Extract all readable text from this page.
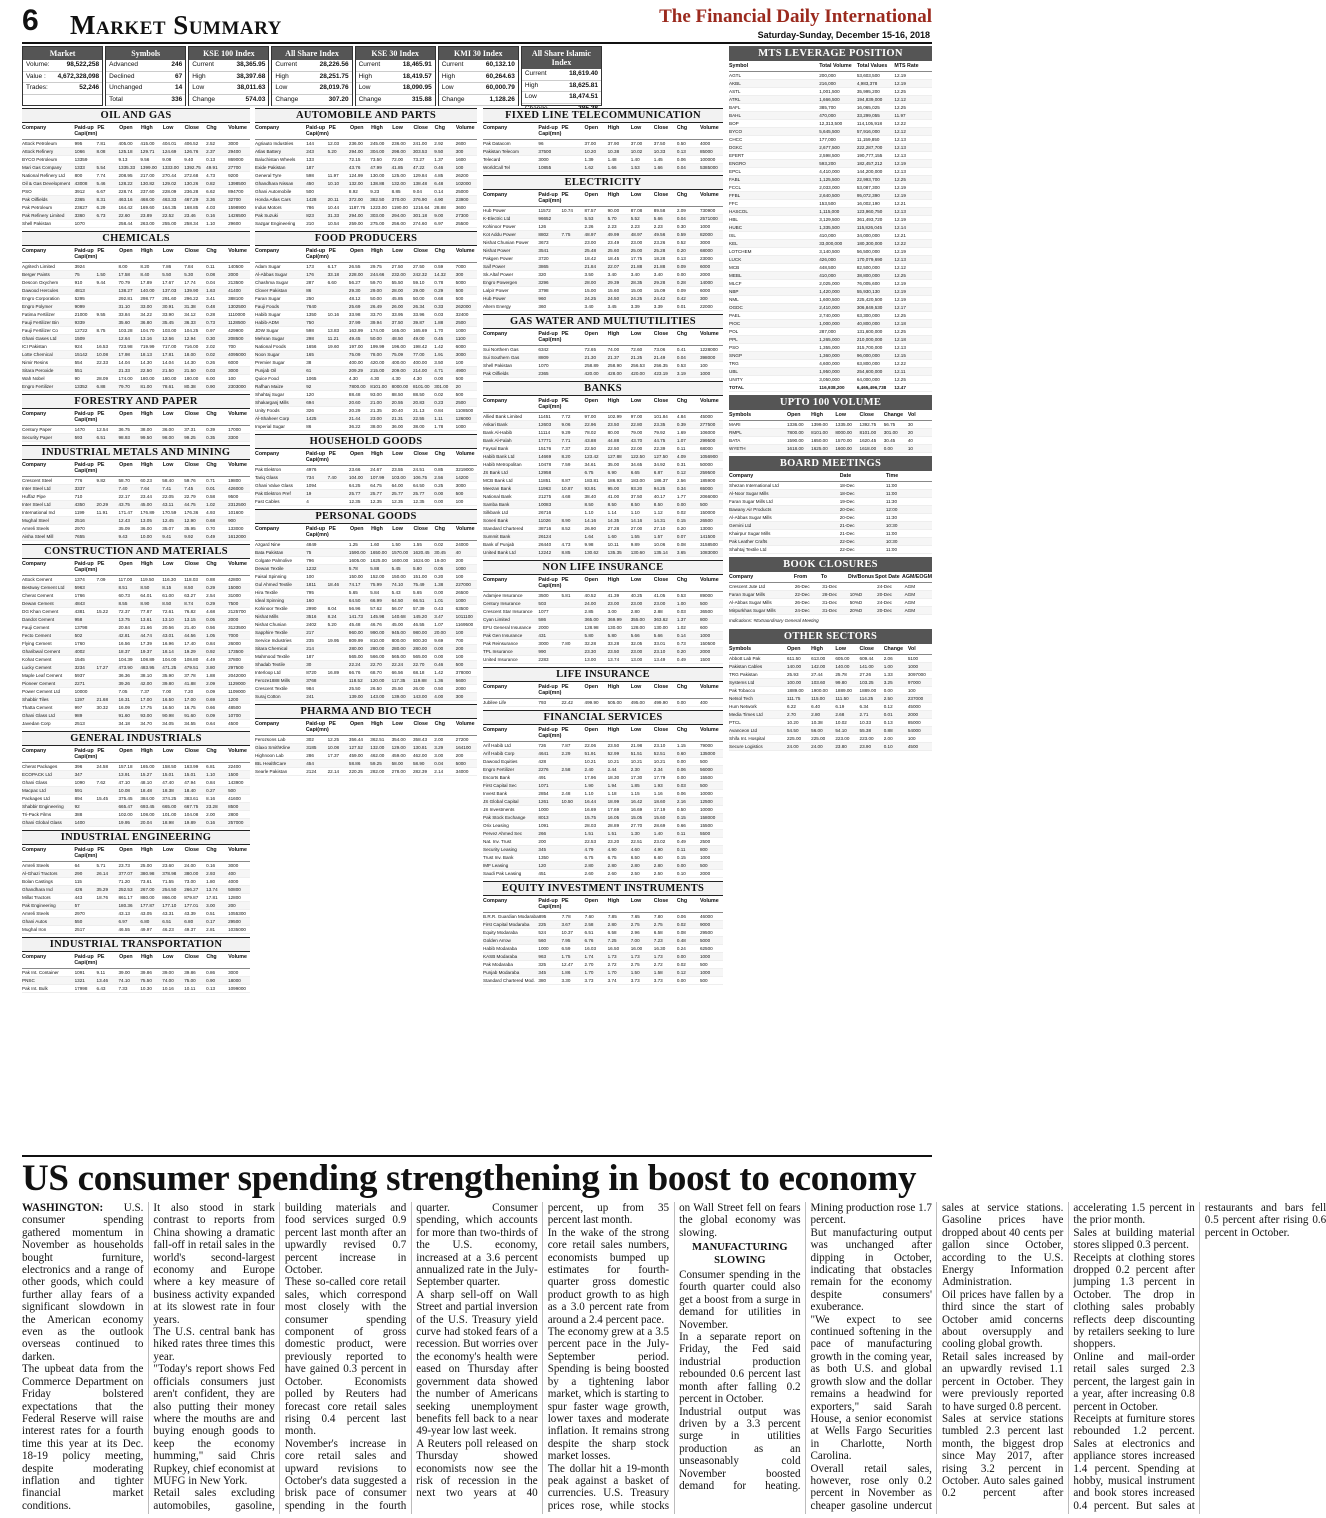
6 Market Summary	The Financial Daily International
Saturday-Sunday, December 15-16, 2018
Market
Volume:	98,522,258
Value : 4,672,328,098
Trades:	52,246
Symbols
Advanced	246
Declined	67
Unchanged	14
Total	336
KSE 100 Index
Current	38,365.95
High	38,397.68
Low	38,011.63
Change	574.03
All Share Index
Current	28,226.56
High	28,251.75
Low	28,019.76
Change	307.20
KSE 30 Index
Current	18,465.91
High	18,419.57
Low	18,090.95
Change	315.88
KMI 30 Index
Current	60,132.10
High	60,264.63
Low	60,000.79
Change	1,128.26
All Share Islamic Index
Current	18,619.40
High	18,625.81
Low	18,474.51
OIL AND GAS
Company	Paid-up Capi(mn)
PE	Open	High	Low	Close	Chg	Volume
Attock Petroleum	995	7.81	405.00	415.00	404.01	406.52	2.52	3000
Attock Refinery	1066	8.08	125.18	129.71	124.69	126.76	2.37	29400
BYCO Petroleum	13359	9.13	9.56	9.08	9.40	0.13	869000
Mari Gas Company	1333	5.54	1335.33	1399.00	1333.00	1392.75	49.91	27700
National Refinery Ltd	800	7.74	208.95	217.00	270.44	272.68	4.73	9200
Oil & Gas Development	43008	5.46	128.22	130.82	129.02	130.26	0.82	1398500
PSO	3912	6.67	228.74	237.60	228.09	236.28	6.62	894700
Pak Oilfields	2365	8.31	463.16	468.00	463.33	467.29	3.36	32700
Pak Petroleum	23627	6.29	164.42	169.60	164.35	168.85	4.03	1598900
Pak Refinery Limited	3360	6.73	22.60	23.89	22.52	23.46	0.16	1426500
Shell Pakistan	1070	258.44	263.00	255.00	258.34	1.10	29600
CHEMICALS
Company	Paid-up Capi(mn)
PE	Open	High	Low	Close	Chg	Volume
Agritech Limited	3924	8.00	8.20	7.86	7.84	0.11	140500
Berger Paints	75	1.50	17.58	8.40	5.50	5.30	0.08	2000
Descon Oxychem	910	9.44	70.79	17.89	17.67	17.74	0.04	213500
Dawood Hercules	4813	138.27	140.00	137.03	139.90	1.63	41400
Engro Corporation	5295	292.81	298.77	291.60	296.22	3.41	388100
Engro Polymer	9099	31.10	33.00	30.91	31.38	0.48	1302500
Fatima Fertilizer	21000	9.55	33.84	34.22	33.90	34.12	0.28	1110000
Fauji Fertilizer Bin	9339	35.60	36.80	35.45	36.33	0.73	1128500
Fauji Fertilizer Co	12722	8.75	103.28	104.70	103.00	104.25	0.97	429900
Ghani Gases Ltd	1509	12.64	13.16	12.56	12.94	0.30	208500
ICI Pakistan	924	16.53	723.98	719.99	717.00	716.00	2.02	700
Lotte Chemical	15142	10.08	17.98	18.13	17.81	18.00	0.02	4095000
Nimir Resins	554	22.33	14.04	14.30	14.04	14.30	0.26	6000
Sitara Peroxide	551	21.33	22.50	21.50	21.50	0.03	3000
Wah Nobel	90	28.09	174.00	180.00	180.00	180.00	6.00	100
Engro Fertilizer	13352	6.88	79.70	81.00	78.61	80.38	0.90	2303000
FORESTRY AND PAPER
Company	Paid-up Capi(mn)
PE	Open	High	Low	Close	Chg	Volume
Century Paper	1470	12.54	36.75	38.00	36.00	37.31	0.39	17000
Security Paper	593	6.51	98.93	99.50	98.00	99.25	0.35	3300
INDUSTRIAL METALS AND MINING
Company	Paid-up Capi(mn)
PE	Open	High	Low	Close	Chg	Volume
Crescent Steel	776	9.82	58.70	60.23	58.40	59.76	0.71	19800
Inter Steel Ltd	3337	7.40	7.64	7.41	7.45	0.01	426000
Huffaz Pipe	710	22.17	23.44	22.05	22.79	0.58	9500
Inter Steel Ltd	4350	20.29	43.75	45.00	43.11	44.75	1.02	2312500
International Ind	1199	11.91	171.47	176.89	170.59	176.36	4.93	101600
Mughal Steel	2516	12.43	13.05	12.45	12.90	0.68	900
Amreli Steels	2970	35.09	36.00	35.07	35.95	0.70	133000
Aisha Steel Mill	7655	9.43	10.00	9.41	9.92	0.49	1612000
CONSTRUCTION AND MATERIALS
Company	Paid-up Capi(mn)
PE	Open	High	Low	Close	Chg	Volume
Attock Cement	1374	7.09	117.00	119.50	116.30	118.03	0.88	42800
Bestway Cement Ltd	5963	8.51	8.50	8.15	8.50	0.29	15000
Cherat Cement	1766	60.73	64.01	61.00	63.27	2.54	31000
Dewan Cement	4843	8.55	8.90	8.50	8.74	0.29	7500
DG Khan Cement	4381	15.22	72.37	77.87	72.61	76.82	4.68	2125700
Dandot Cement	958	13.75	13.61	13.10	13.15	0.05	2000
Fauji Cement	13798	20.84	21.66	20.56	21.40	0.56	3123500
Fecto Cement	502	42.81	44.74	43.01	44.56	1.05	7000
Flying Cement	1760	16.56	17.39	16.96	17.40	0.84	26000
Gharibwal Cement	4002	18.37	19.37	18.14	19.29	0.92	173500
Kohat Cement	1545	104.39	108.89	104.00	108.80	4.49	37800
Lucky Cement	3234	17.27	473.90	483.95	471.25	479.51	3.80	297500
Maple Leaf Cement	5937	36.36	38.10	35.90	37.78	1.88	2042000
Pioneer Cement	2271	39.26	42.00	39.80	41.88	2.09	1129000
Power Cement Ltd	10000	7.05	7.37	7.00	7.20	0.09	1109000
Shabbir Tiles	1197	21.68	16.31	17.00	16.50	17.00	0.69	1200
Thatta Cement	997	30.32	16.09	17.75	16.50	16.75	0.66	48500
Ghani Glass Ltd	989	91.60	93.00	90.98	91.60	0.09	10700
Javedan Corp	2513	34.18	34.70	34.05	34.55	0.64	4500
GENERAL INDUSTRIALS
Company	Paid-up Capi(mn)
PE	Open	High	Low	Close	Chg	Volume
Cherat Packages	396	24.58	157.18	165.00	158.50	163.99	6.81	22400
ECOPACK Ltd	347	13.91	15.27	15.01	15.01	1.10	1500
Ghani Glass	1090	7.62	47.10	48.10	47.40	47.94	0.84	143900
Macpac Ltd	591	10.08	18.48	18.38	18.40	0.27	500
Packages Ltd	894	15.45	375.45	384.00	374.25	383.61	8.16	41600
Shabbir Engineering	92	665.47	693.45	665.00	667.75	23.28	8500
Tri-Pack Films	388	102.00	108.00	101.00	104.08	2.00	2800
Ghani Global Glass	1400	19.95	20.04	18.98	19.89	0.16	257000
INDUSTRIAL ENGINEERING
Company	Paid-up Capi(mn)
PE	Open	High	Low	Close	Chg	Volume
Amreli Steels	64	5.71	23.73	25.00	23.60	24.00	0.16	3000
Al-Ghazi Tractors	290	26.14	377.07	380.98	378.98	380.00	2.93	400
Bolan Castings	115	71.20	73.61	71.55	73.00	1.80	4000
Ghandhara Ind	426	35.29	252.53	267.00	254.50	266.27	13.74	50800
Millat Tractors	443	18.76	861.17	880.00	866.00	879.87	17.81	12800
Pak Engineering	57	180.36	177.87	177.10	177.01	3.00	200
Amreli Steels	2970	43.13	43.05	43.31	43.39	0.51	1055300
Ghani Autos	550	6.97	6.80	6.51	6.80	0.17	29500
Mughal Iron	2517	46.55	49.97	46.23	49.37	2.81	1035000
INDUSTRIAL TRANSPORTATION
Company	Paid-up Capi(mn)
PE	Open	High	Low	Close	Chg	Volume
Pak Int. Container	1091	9.11	39.00	39.86	39.00	39.86	0.86	3000
PNSC	1321	13.46	74.10	75.50	74.00	75.00	0.90	18000
Pak Int. Bulk	17998	6.43	7.33	10.30	10.16	10.11	0.13	1099000
AUTOMOBILE AND PARTS
Company	Paid-up Capi(mn)
PE	Open	High	Low	Close	Chg	Volume
Agriauto Industries	144	12.03	236.00	245.00	236.00	241.00	2.92	2600
Atlas Battery	243	5.20	294.00	304.00	298.00	303.53	9.50	300
Baluchistan Wheels	133	72.15	73.50	72.00	73.27	1.37	1600
Exide Pakistan	187	43.76	47.99	41.85	47.22	0.46	100
General Tyre	598	11.97	124.99	130.00	125.00	129.84	4.85	26200
Ghandhara Nissan	450	10.10	132.00	138.88	132.00	138.48	6.48	102000
Ghani Automobile	500	8.92	9.23	8.85	9.04	0.14	25000
Honda Atlas Cars	1428	20.11	372.00	382.50	370.00	376.90	4.90	23900
Indus Motors	786	10.44	1187.76	1223.00	1190.00	1216.64	28.88	3600
Pak Suzuki	823	31.33	294.00	303.00	294.00	301.18	9.00	27300
Sazgar Engineering	210	10.54	259.00	275.00	256.00	274.60	6.97	25500
FOOD PRODUCERS
Company	Paid-up Capi(mn)
PE	Open	High	Low	Close	Chg	Volume
Adam Sugar	173	6.17	26.55	29.75	27.50	27.50	0.59	7000
Al-Abbas Sugar	176	33.18	228.00	244.66	232.00	242.32	14.32	300
Chashma Sugar	287	6.60	56.27	59.70	55.50	59.10	0.78	5000
Clover Pakistan	86	29.30	29.00	28.00	29.00	0.29	500
Faran Sugar	250	48.12	50.00	45.85	50.00	0.68	500
Fauji Foods	7640	25.69	26.49	26.00	26.34	0.33	262000
Habib Sugar	1350	10.16	33.98	33.70	33.95	33.96	0.03	32400
Habib-ADM	750	37.99	39.94	37.50	39.87	1.88	2500
JDW Sugar	598	13.83	163.99	174.00	165.00	165.69	1.70	1000
Mehran Sugar	298	11.21	49.45	50.00	48.50	49.00	0.45	1100
National Foods	1656	19.60	197.00	199.99	196.00	198.42	1.42	6000
Noon Sugar	165	75.09	78.00	75.09	77.00	1.91	3000
Premier Sugar	38	400.00	420.00	400.00	400.00	3.50	100
Punjab Oil	61	209.29	215.00	209.00	214.00	4.71	4900
Quice Food	1065	4.30	4.30	4.30	4.30	0.00	500
Rafhan Maize	92	7800.00	8101.00	8000.00	8101.00	301.00	20
Shahtaj Sugar	120	88.48	93.00	88.50	88.50	0.02	500
Shakarganj Mills	694	20.60	21.00	20.55	20.83	0.23	2500
Unity Foods	326	20.29	21.35	20.40	21.13	0.84	1108500
Al-Shaheer Corp	1425	21.44	23.00	21.31	22.55	1.11	126000
Imperial Sugar	86	36.22	38.00	36.00	38.00	1.78	1000
HOUSEHOLD GOODS
Company	Paid-up Capi(mn)
PE	Open	High	Low	Close	Chg	Volume
Pak Elektron	4976	23.66	24.67	23.55	24.51	0.85	3219000
Tariq Glass	734	7.40	104.00	107.99	103.00	106.75	2.56	14200
Ghani Value Glass	1094	64.25	64.75	64.00	64.50	0.25	3000
Pak Elektron Pref	19	25.77	25.77	25.77	25.77	0.00	500
Fast Cables	4	12.35	12.35	12.35	12.35	0.00	100
PERSONAL GOODS
Company	Paid-up Capi(mn)
PE	Open	High	Low	Close	Chg	Volume
Azgard Nine	4849	1.25	1.60	1.50	1.55	0.02	24000
Bata Pakistan	75	1590.00	1650.00	1570.00	1620.45	30.45	40
Colgate Palmolive	796	1605.00	1625.00	1600.00	1624.00	19.00	200
Dewan Textile	1232	5.78	5.88	5.45	5.80	0.05	1000
Faisal Spinning	100	150.00	152.00	150.00	151.00	0.20	100
Gul Ahmed Textile	1811	18.46	74.17	75.99	74.10	75.49	1.38	227000
Hira Textile	795	5.65	5.84	5.43	5.65	0.00	26500
Ideal Spinning	160	64.50	66.99	64.50	66.51	1.01	1000
Kohinoor Textile	2990	8.04	56.96	57.62	56.07	57.39	0.43	63500
Nishat Mills	3516	8.24	141.73	145.98	140.68	145.20	3.47	1011100
Nishat Chunian	2402	5.20	45.48	46.76	45.00	46.55	1.07	1169500
Sapphire Textile	217	960.00	990.00	945.00	980.00	20.00	100
Service Industries	235	19.95	809.99	810.00	800.00	800.30	9.69	700
Sitara Chemical	214	280.00	280.00	280.00	280.00	0.00	200
Mahmood Textile	187	565.00	566.00	565.00	565.00	0.00	100
Shadab Textile	30	22.24	22.70	22.24	22.70	0.46	500
Interloop Ltd	8720	16.89	66.76	68.70	66.56	68.18	1.42	378000
Feroze1888 Mills	3768	118.52	120.00	117.35	119.88	1.36	5600
Crescent Textile	984	25.50	26.50	25.50	26.00	0.50	2000
Suraj Cotton	241	139.00	143.00	139.00	143.00	4.00	300
PHARMA AND BIO TECH
Company	Paid-up Capi(mn)
PE	Open	High	Low	Close	Chg	Volume
Ferozsons Lab	302	12.25	356.44	362.51	354.00	358.43	2.00	27200
Glaxo SmithKline	3185	10.08	127.52	132.00	129.00	130.81	3.29	164100
Highnoon Lab	286	17.37	459.00	462.00	459.00	462.00	3.00	200
IBL HealthCare	454	58.86	59.25	58.00	58.90	0.04	5000
Searle Pakistan	2124	22.14	220.25	282.00	278.00	282.39	2.14	34000
FIXED LINE TELECOMMUNICATION
Company	Paid-up Capi(mn)
PE	Open	High	Low	Close	Chg	Volume
Pak Datacom	96	37.00	37.90	37.00	37.50	0.50	4000
Pakistan Telecom	37500	10.20	10.38	10.02	10.33	0.13	85000
Telecard	3000	1.39	1.48	1.40	1.45	0.06	100000
WorldCall Tel	10855	1.62	1.66	1.53	1.66	0.04	5385000
ELECTRICITY
Company	Paid-up Capi(mn)
PE	Open	High	Low	Close	Chg	Volume
Hub Power	11572	10.74	87.57	90.00	87.08	89.58	2.09	730900
K-Electric Ltd	96652	5.53	5.70	5.52	5.66	0.04	2571000
Kohinoor Power	126	2.26	2.23	2.23	2.23	0.30	1000
Kot Addu Power	8802	7.75	48.97	49.99	48.97	49.56	0.59	82000
Nishat Chunian Power	3673	23.00	23.49	23.00	23.26	0.52	3000
Nishat Power	3541	25.48	25.60	25.00	25.28	0.20	68000
Pakgen Power	3720	18.42	18.45	17.75	18.28	0.13	23000
Saif Power	3865	21.84	22.07	21.88	21.88	0.09	6000
Sk.Altaf Power	320	3.50	3.40	3.40	3.40	0.00	2000
Engro Powergen	3296	28.00	29.39	28.35	29.28	0.28	14000
Lalpir Power	3798	15.00	15.60	15.00	15.09	0.09	6000
Hub Power	960	24.25	24.50	24.25	24.42	0.42	300
Altern Energy	360	3.40	3.45	3.39	3.39	0.01	22000
GAS WATER AND MULTIUTILITIES
Company	Paid-up Capi(mn)
PE	Open	High	Low	Close	Chg	Volume
Sui Northern Gas	6342	72.65	74.00	72.60	73.06	0.41	1228000
Sui Southern Gas	8809	21.30	21.37	21.25	21.49	0.04	398000
Shell Pakistan	1070	258.89	258.90	256.53	256.35	0.53	100
Pak Oilfields	2365	420.00	428.00	420.00	423.19	3.19	1000
BANKS
Company	Paid-up Capi(mn)
PE	Open	High	Low	Close	Chg	Volume
Allied Bank Limited	11451	7.72	97.00	102.99	97.00	101.84	4.84	45000
Askari Bank	12603	9.06	22.96	23.50	22.80	23.35	0.39	277500
Bank Al-Habib	11114	9.29	78.02	80.00	79.00	79.92	1.69	106000
Bank Al-Falah	17771	7.71	43.88	44.88	43.70	44.75	1.07	299500
Faysal Bank	15176	7.37	22.50	22.50	22.00	22.39	0.11	68000
Habib Bank Ltd	14669	8.20	123.42	127.88	122.50	127.50	4.09	1056900
Habib Metropolitan	10478	7.59	34.61	35.00	34.65	34.92	0.31	50000
JS Bank Ltd	12958	6.75	6.90	6.65	6.87	0.12	259500
MCB Bank Ltd	11851	8.87	183.81	186.93	183.00	186.37	2.56	185900
Meezan Bank	11963	10.87	93.91	95.00	93.20	94.25	0.34	65000
National Bank	21275	4.68	38.40	41.00	37.50	40.17	1.77	2066000
Samba Bank	10083	8.50	8.50	8.50	8.50	0.00	500
Silkbank Ltd	26716	1.10	1.14	1.10	1.12	0.02	150000
Soneri Bank	11026	8.90	14.16	14.35	14.16	14.31	0.15	26500
Standard Chartered	38716	8.52	26.90	27.28	27.00	27.10	0.20	13000
Summit Bank	26124	1.64	1.60	1.55	1.57	0.07	141500
Bank of Punjab	26440	4.73	9.98	10.11	9.89	10.06	0.08	3158500
United Bank Ltd	12242	8.85	130.62	135.35	130.60	135.14	3.65	1083000
NON LIFE INSURANCE
Company	Paid-up Capi(mn)
PE	Open	High	Low	Close	Chg	Volume
Adamjee Insurance	3500	5.81	40.52	41.39	40.25	41.05	0.53	89000
Century Insurance	503	24.00	23.00	23.00	23.00	1.00	500
Crescent Star Insurance	1077	2.85	3.00	2.80	2.88	0.03	36500
Cyan Limited	586	365.00	369.99	355.00	363.62	1.37	800
EFU General Insurance	2000	128.98	130.00	128.00	130.00	1.02	600
Pak Gen Insurance	431	5.80	5.80	5.66	5.66	0.14	1000
Pak Reinsurance	3000	7.80	32.28	33.28	32.05	33.01	0.73	150500
TPL Insurance	990	23.30	23.50	23.00	23.10	0.20	2000
United Insurance	2283	13.00	13.74	13.00	13.49	0.49	1500
LIFE INSURANCE
Company	Paid-up Capi(mn)
PE	Open	High	Low	Close	Chg	Volume
Jubilee Life	793	22.42	499.90	505.00	495.00	499.90	0.00	400
FINANCIAL SERVICES
Company	Paid-up Capi(mn)
PE	Open	High	Low	Close	Chg	Volume
Arif Habib Ltd	726	7.87	22.06	23.50	21.98	23.10	1.15	79000
Arif Habib Corp	4641	2.29	51.91	52.99	51.51	52.51	0.60	135000
Dawood Equities	428	10.21	10.21	10.21	10.21	0.00	500
Engro Fertilizer	2276	2.58	2.40	2.44	2.30	2.34	0.06	56000
Escorts Bank	491	17.96	18.30	17.30	17.79	0.00	15500
First Capital Sec	1071	1.90	1.94	1.85	1.93	0.03	500
Invest Bank	2854	2.48	1.10	1.18	1.15	1.16	0.06	10000
JS Global Capital	1261	10.50	16.44	18.99	16.42	18.60	2.16	12500
JS Investments	1000	16.69	17.69	16.69	17.19	0.50	10000
Pak Stock Exchange	8013	15.75	16.05	15.05	15.60	0.15	158000
Orix Leasing	1091	28.03	28.89	27.70	28.69	0.66	15500
Pervez Ahmed Sec	266	1.51	1.51	1.30	1.40	0.11	5500
Nat. Inv. Trust	200	22.53	23.20	22.51	23.02	0.49	2500
Security Leasing	345	4.79	4.90	4.60	4.90	0.11	800
Trust Inv. Bank	1350	6.75	6.75	6.50	6.60	0.15	1000
IMF Leasing	120	2.80	2.80	2.80	2.80	0.00	500
Saudi Pak Leasing	451	2.60	2.60	2.50	2.50	0.10	2000
EQUITY INVESTMENT INSTRUMENTS
Company	Paid-up Capi(mn)
PE	Open	High	Low	Close	Chg	Volume
B.R.R. Guardian Modaraba 895	7.78	7.60	7.85	7.65	7.80	0.06	46000
First Capital Modaraba	225	3.67	2.58	2.80	2.75	2.75	0.02	9000
Equity Modaraba	524	10.37	6.51	6.58	2.96	6.58	0.08	29500
Golden Arrow	560	7.95	6.76	7.25	7.00	7.23	0.48	5000
Habib Modaraba	1000	6.59	16.03	16.50	16.00	16.30	0.24	62500
KASB Modaraba	963	1.75	1.74	1.73	1.73	1.73	0.00	1000
Pak Modaraba	325	12.47	2.70	2.72	2.75	2.72	0.02	500
Punjab Modaraba	345	1.86	1.70	1.70	1.50	1.58	0.12	1000
Standard Chartered Mod. 380	3.30	3.73	3.74	3.73	3.73	0.00	500
MTS LEVERAGE POSITION
Symbol	Total Volume Total Values	MTS Rate
AGTL	200,000	53,603,500	12.19
AKBL	216,000	4,983,378	12.19
ASTL	1,001,500	35,995,200	12.25
ATRL	1,666,500	194,839,000	12.12
BAFL	385,700	16,065,025	12.25
BAHL	470,000	33,299,055	11.97
BOP	12,313,500	114,105,918	12.22
BYCO	5,645,500	57,916,000	12.12
CHCC	177,000	11,159,850	12.13
DGKC	2,677,500	222,287,700	12.13
EFERT	2,598,500	190,777,155	12.13
ENGRO	593,200	182,457,212	12.19
EPCL	4,410,000	144,200,000	12.13
FABL	1,125,500	22,993,700	12.25
FCCL	2,033,000	53,087,300	12.19
FFBL	2,640,500	95,072,390	12.19
FFC	153,500	16,002,190	12.21
HASCOL	1,115,000	123,960,750	12.13
HBL	3,129,500	361,493,720	12.19
HUBC	1,335,500	115,826,045	12.14
ISL	410,000	34,000,000	12.21
KEL	33,000,000	180,300,000	12.22
LOTCHEM	3,140,500	56,500,000	12.19
LUCK	426,000	170,079,690	12.13
MCB	448,500	82,500,000	12.12
MEBL	410,000	38,800,000	12.25
MLCF	2,025,000	76,005,600	12.19
NBP	1,420,000	55,930,130	12.19
NML	1,600,500	225,420,500	12.19
OGDC	2,410,000	306,849,530	12.17
PAEL	2,740,000	63,300,000	12.25
PIOC	1,000,000	40,800,000	12.18
POL	287,000	131,600,000	12.25
PPL	1,265,000	210,000,000	12.18
PSO	1,355,000	315,700,000	12.13
SNGP	1,360,000	96,000,000	12.15
TRG	4,600,000	63,800,000	12.22
UBL	1,950,000	254,600,000	12.11
UNITY	3,050,000	64,000,000	12.25
TOTAL	116,938,200	6,465,496,738	12.47
UPTO 100 VOLUME
Symbols	Open	High	Low	Close	Change Vol
MARI	1336.00	1399.00	1335.00	1392.75	56.75	30
RMPL	7800.00	8101.00	8000.00	8101.00	301.00	20
BATA	1590.00	1650.00	1570.00	1620.45	30.45	40
WYETH	1618.00	1625.00	1600.00	1618.00	0.00	10
BOARD MEETINGS
Company	Date	Time
Shezan International Ltd	18-Dec	11:00
Al-Noor Sugar Mills	18-Dec	11:00
Faran Sugar Mills Ltd	19-Dec	11:30
Bawany Air Products	20-Dec	12:00
Al-Abbas Sugar Mills	20-Dec	11:30
Gemini Ltd	21-Dec	10:30
Khairpur Sugar Mills	21-Dec	11:00
Pak Leather Crafts	22-Dec	10:30
Shahtaj Textile Ltd	22-Dec	11:00
BOOK CLOSURES
Company	From	To	Div/Bonus Spot Date AGM/EOGM
Crescent Jute Ltd	26-Dec	31-Dec	24-Dec	AGM
Faran Sugar Mills	22-Dec	28-Dec	10%D	20-Dec	AGM
Al-Abbas Sugar Mills	26-Dec	31-Dec	50%D	24-Dec	AGM
Mirpurkhas Sugar Mills	24-Dec	31-Dec	20%D	20-Dec	AGM
Indications: #Extraordinary General Meeting
OTHER SECTORS
Symbols	Open	High	Low	Close	Change Vol
Abbott Lab Pak	611.50	613.00	605.00	609.44	2.06	5100
Pakistan Cables	140.00	142.00	140.00	141.00	1.00	1000
TRG Pakistan	25.93	27.44	25.78	27.26	1.33	3097000
Systems Ltd	100.00	103.60	99.80	103.25	3.25	97000
Pak Tobacco	1889.00	1900.00	1889.00	1889.00	0.00	100
Netsol Tech	111.75	115.00	111.50	114.25	2.50	237000
Hum Network	6.22	6.40	6.19	6.34	0.12	45000
Media Times Ltd	2.70	2.80	2.68	2.71	0.01	2000
PTCL	10.20	10.38	10.02	10.33	0.13	85000
Avanceon Ltd	54.50	56.00	54.10	55.38	0.88	54000
Shifa Int. Hospital	225.00	225.00	223.00	223.00	2.00	100
Secure Logistics	24.00	24.00	23.80	23.90	0.10	4500
US consumer spending strengthening in boost to economy

WASHINGTON: U.S. consumer spending gathered momentum in November as households bought furniture, electronics and a range of other goods, which could further allay fears of a significant slowdown in the American economy even as the outlook overseas continued to darken.

The upbeat data from the Commerce Department on Friday bolstered expectations that the Federal Reserve will raise interest rates for a fourth time this year at its Dec. 18-19 policy meeting, despite moderating inflation and tighter financial market conditions.

It also stood in stark contrast to reports from China showing a dramatic fall-off in retail sales in the world's second-largest economy and Europe where a key measure of business activity expanded at its slowest rate in four years.

The U.S. central bank has hiked rates three times this year.

"Today's report shows Fed officials consumers just aren't confident, they are also putting their money where the mouths are and buying enough goods to keep the economy humming," said Chris Rupkey, chief economist at MUFG in New York.

Retail sales excluding automobiles, gasoline, building materials and food services surged 0.9 percent last month after an upwardly revised 0.7 percent increase in October.

These so-called core retail sales, which correspond most closely with the consumer spending component of gross domestic product, were previously reported to have gained 0.3 percent in October. Economists polled by Reuters had forecast core retail sales rising 0.4 percent last month.

November's increase in core retail sales and upward revisions to October's data suggested a brisk pace of consumer spending in the fourth quarter. Consumer spending, which accounts for more than two-thirds of the U.S. economy, increased at a 3.6 percent annualized rate in the July-September quarter.

A sharp sell-off on Wall Street and partial inversion of the U.S. Treasury yield curve had stoked fears of a recession. But worries over the economy's health were eased on Thursday after government data showed the number of Americans seeking unemployment benefits fell back to a near 49-year low last week.

A Reuters poll released on Thursday showed economists now see the risk of recession in the next two years at 40 percent, up from 35 percent last month.

In the wake of the strong core retail sales numbers, economists bumped up estimates for fourth-quarter gross domestic product growth to as high as a 3.0 percent rate from around a 2.4 percent pace.

The economy grew at a 3.5 percent pace in the July-September period. Spending is being boosted by a tightening labor market, which is starting to spur faster wage growth, lower taxes and moderate inflation. It remains strong despite the sharp stock market losses.

The dollar hit a 19-month peak against a basket of currencies. U.S. Treasury prices rose, while stocks on Wall Street fell on fears the global economy was slowing.

MANUFACTURING SLOWING

Consumer spending in the fourth quarter could also get a boost from a surge in demand for utilities in November.

In a separate report on Friday, the Fed said industrial production rebounded 0.6 percent last month after falling 0.2 percent in October.

Industrial output was driven by a 3.3 percent surge in utilities production as an unseasonably cold November boosted demand for heating. Mining production rose 1.7 percent.

But manufacturing output was unchanged after dipping in October, indicating that obstacles remain for the economy despite consumers' exuberance.

"We expect to see continued softening in the pace of manufacturing growth in the coming year, as both U.S. and global growth slow and the dollar remains a headwind for exporters," said Sarah House, a senior economist at Wells Fargo Securities in Charlotte, North Carolina.

Overall retail sales, however, rose only 0.2 percent in November as cheaper gasoline undercut sales at service stations. Gasoline prices have dropped about 40 cents per gallon since October, according to the U.S. Energy Information Administration.

Oil prices have fallen by a third since the start of October amid concerns about oversupply and cooling global growth.

Retail sales increased by an upwardly revised 1.1 percent in October. They were previously reported to have surged 0.8 percent.

Sales at service stations tumbled 2.3 percent last month, the biggest drop since May 2017, after rising 3.2 percent in October. Auto sales gained 0.2 percent after accelerating 1.5 percent in the prior month.

Sales at building material stores slipped 0.3 percent.

Receipts at clothing stores dropped 0.2 percent after jumping 1.3 percent in October. The drop in clothing sales probably reflects deep discounting by retailers seeking to lure shoppers.

Online and mail-order retail sales surged 2.3 percent, the largest gain in a year, after increasing 0.8 percent in October.

Receipts at furniture stores rebounded 1.2 percent. Sales at electronics and appliance stores increased 1.4 percent. Spending at hobby, musical instrument and book stores increased 0.4 percent. But sales at restaurants and bars fell 0.5 percent after rising 0.6 percent in October.
